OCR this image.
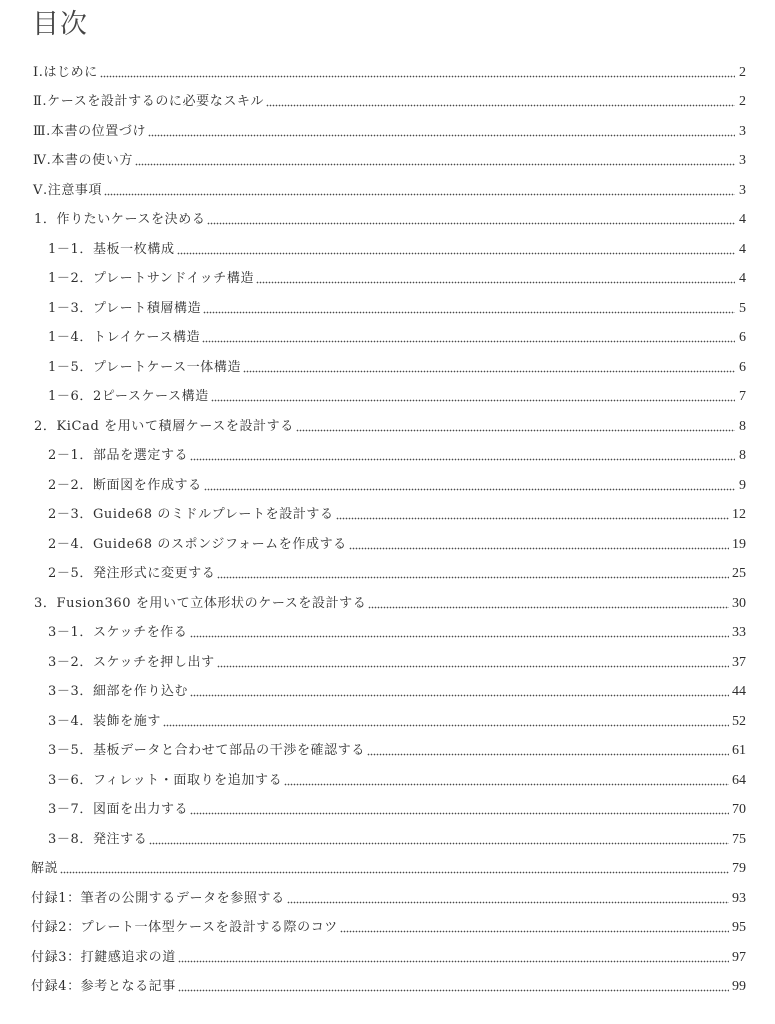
目次
Ⅰ.はじめに	2
Ⅱ.ケースを設計するのに必要なスキル	2
Ⅲ.本書の位置づけ	3
Ⅳ.本書の使い方	3
Ⅴ.注意事項	3
1．作りたいケースを決める	4
1－1．基板一枚構成	4
1－2．プレートサンドイッチ構造	4
1－3．プレート積層構造	5
1－4．トレイケース構造	6
1－5．プレートケース一体構造	6
1－6．2ピースケース構造	7
2．KiCad を用いて積層ケースを設計する	8
2－1．部品を選定する	8
2－2．断面図を作成する	9
2－3．Guide68 のミドルプレートを設計する	12
2－4．Guide68 のスポンジフォームを作成する	19
2－5．発注形式に変更する	25
3．Fusion360 を用いて立体形状のケースを設計する	30
3－1．スケッチを作る	33
3－2．スケッチを押し出す	37
3－3．細部を作り込む	44
3－4．装飾を施す	52
3－5．基板データと合わせて部品の干渉を確認する	61
3－6．フィレット・面取りを追加する	64
3－7．図面を出力する	70
3－8．発注する	75
解説	79
付録1：筆者の公開するデータを参照する	93
付録2：プレート一体型ケースを設計する際のコツ	95
付録3：打鍵感追求の道	97
付録4：参考となる記事	99
